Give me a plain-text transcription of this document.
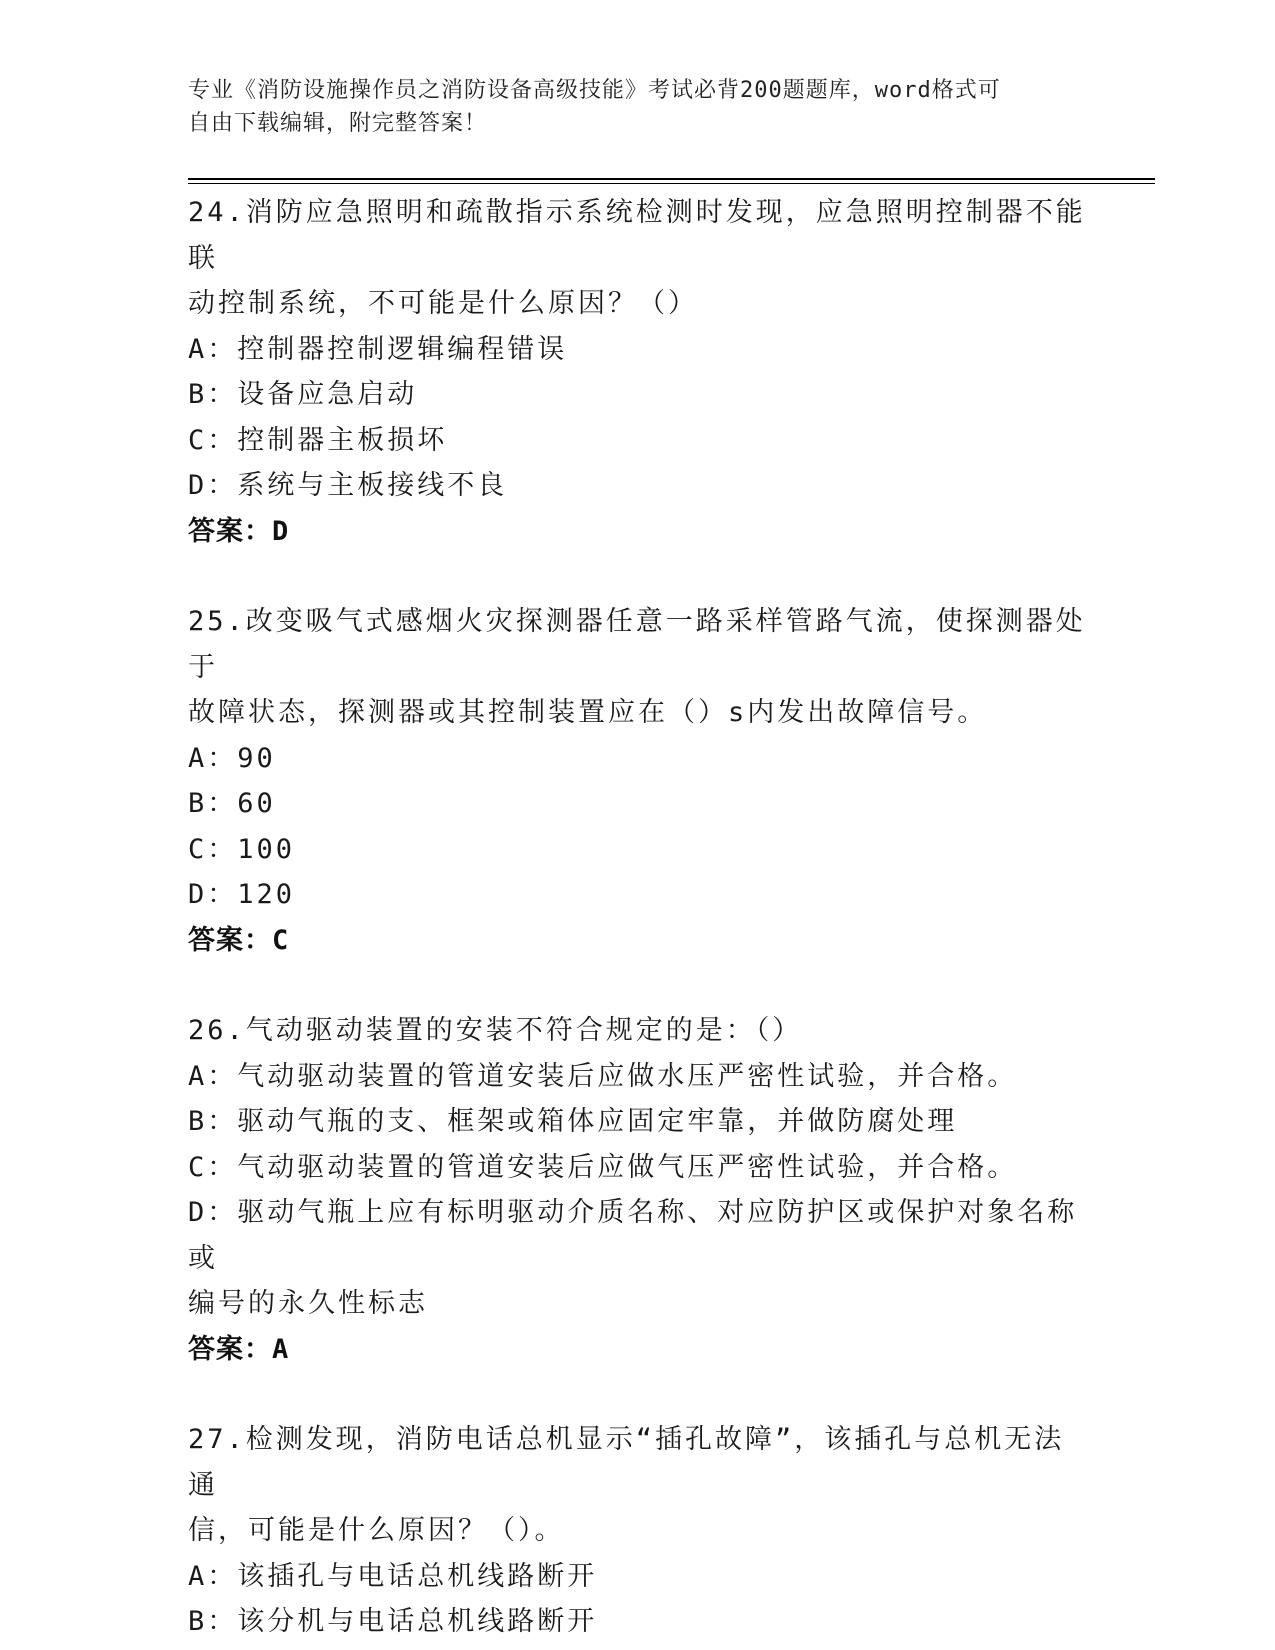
专业《消防设施操作员之消防设备高级技能》考试必背200题题库，word格式可
自由下载编辑，附完整答案！
24.消防应急照明和疏散指示系统检测时发现，应急照明控制器不能联
动控制系统，不可能是什么原因？（）
A：控制器控制逻辑编程错误
B：设备应急启动
C：控制器主板损坏
D：系统与主板接线不良
答案：D
25.改变吸气式感烟火灾探测器任意一路采样管路气流，使探测器处于
故障状态，探测器或其控制装置应在（）s内发出故障信号。
A：90
B：60
C：100
D：120
答案：C
26.气动驱动装置的安装不符合规定的是：（）
A：气动驱动装置的管道安装后应做水压严密性试验，并合格。
B：驱动气瓶的支、框架或箱体应固定牢靠，并做防腐处理
C：气动驱动装置的管道安装后应做气压严密性试验，并合格。
D：驱动气瓶上应有标明驱动介质名称、对应防护区或保护对象名称或
编号的永久性标志
答案：A
27.检测发现，消防电话总机显示“插孔故障”，该插孔与总机无法通
信，可能是什么原因？（）。
A：该插孔与电话总机线路断开
B：该分机与电话总机线路断开
